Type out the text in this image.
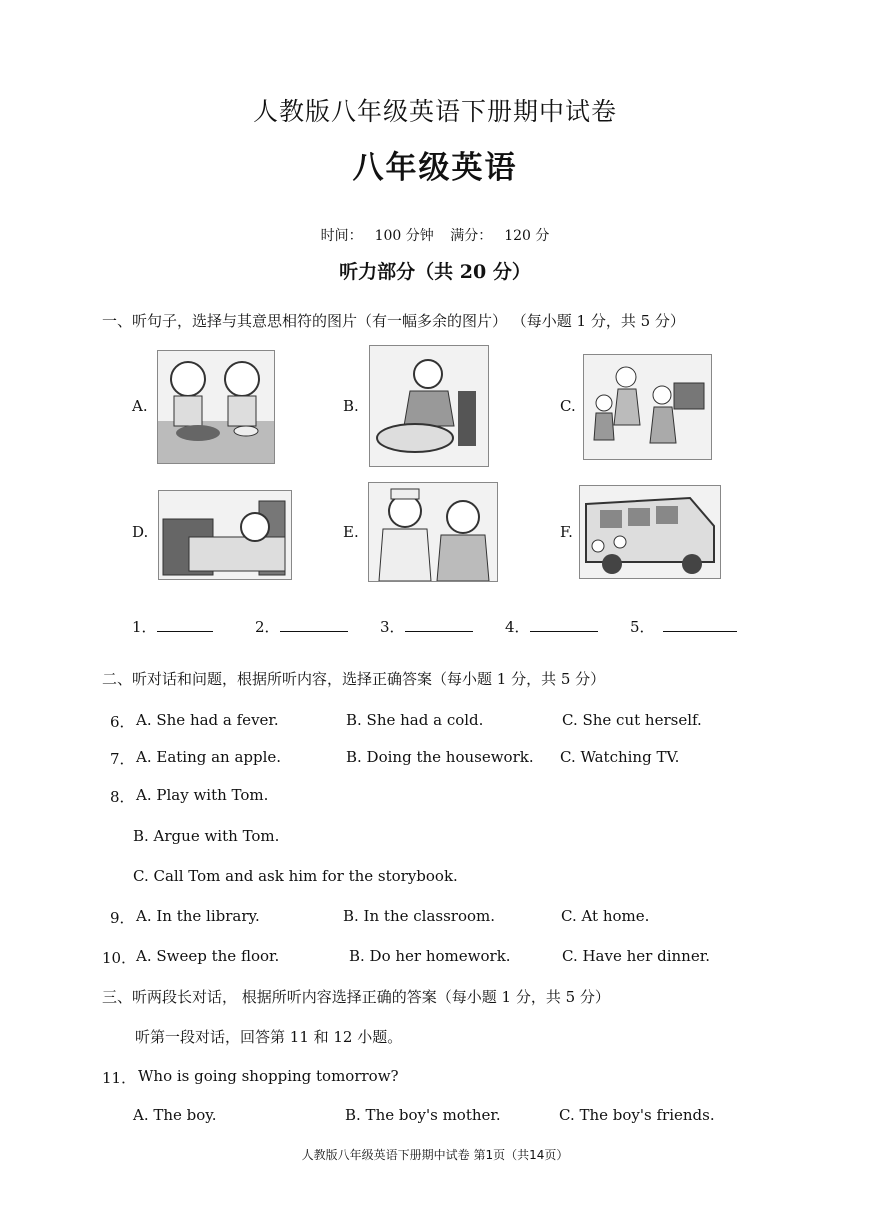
人教版八年级英语下册期中试卷
八年级英语
时间： 100 分钟 满分： 120 分
听力部分（共 20 分）
一、听句子，选择与其意思相符的图片（有一幅多余的图片） （每小题 1 分，共 5 分）
A.	B.	C.
D.	E.	F.
1．	2．	3．	4．	5．
二、听对话和问题，根据所听内容，选择正确答案（每小题 1 分，共 5 分）
6． A. She had a fever.	B. She had a cold.	C. She cut herself.
7． A. Eating an apple.	B. Doing the housework. C. Watching TV.
8． A. Play with Tom.
B. Argue with Tom.
C. Call Tom and ask him for the storybook.
9． A. In the library.	B. In the classroom.	C. At home.
10． A. Sweep the floor.	B. Do her homework.	C. Have her dinner.
三、听两段长对话， 根据所听内容选择正确的答案（每小题 1 分，共 5 分）
听第一段对话，回答第 11 和 12 小题。
11． Who is going shopping tomorrow?
A. The boy.	B. The boy's mother.	C. The boy's friends.
人教版八年级英语下册期中试卷 第1页（共14页）
